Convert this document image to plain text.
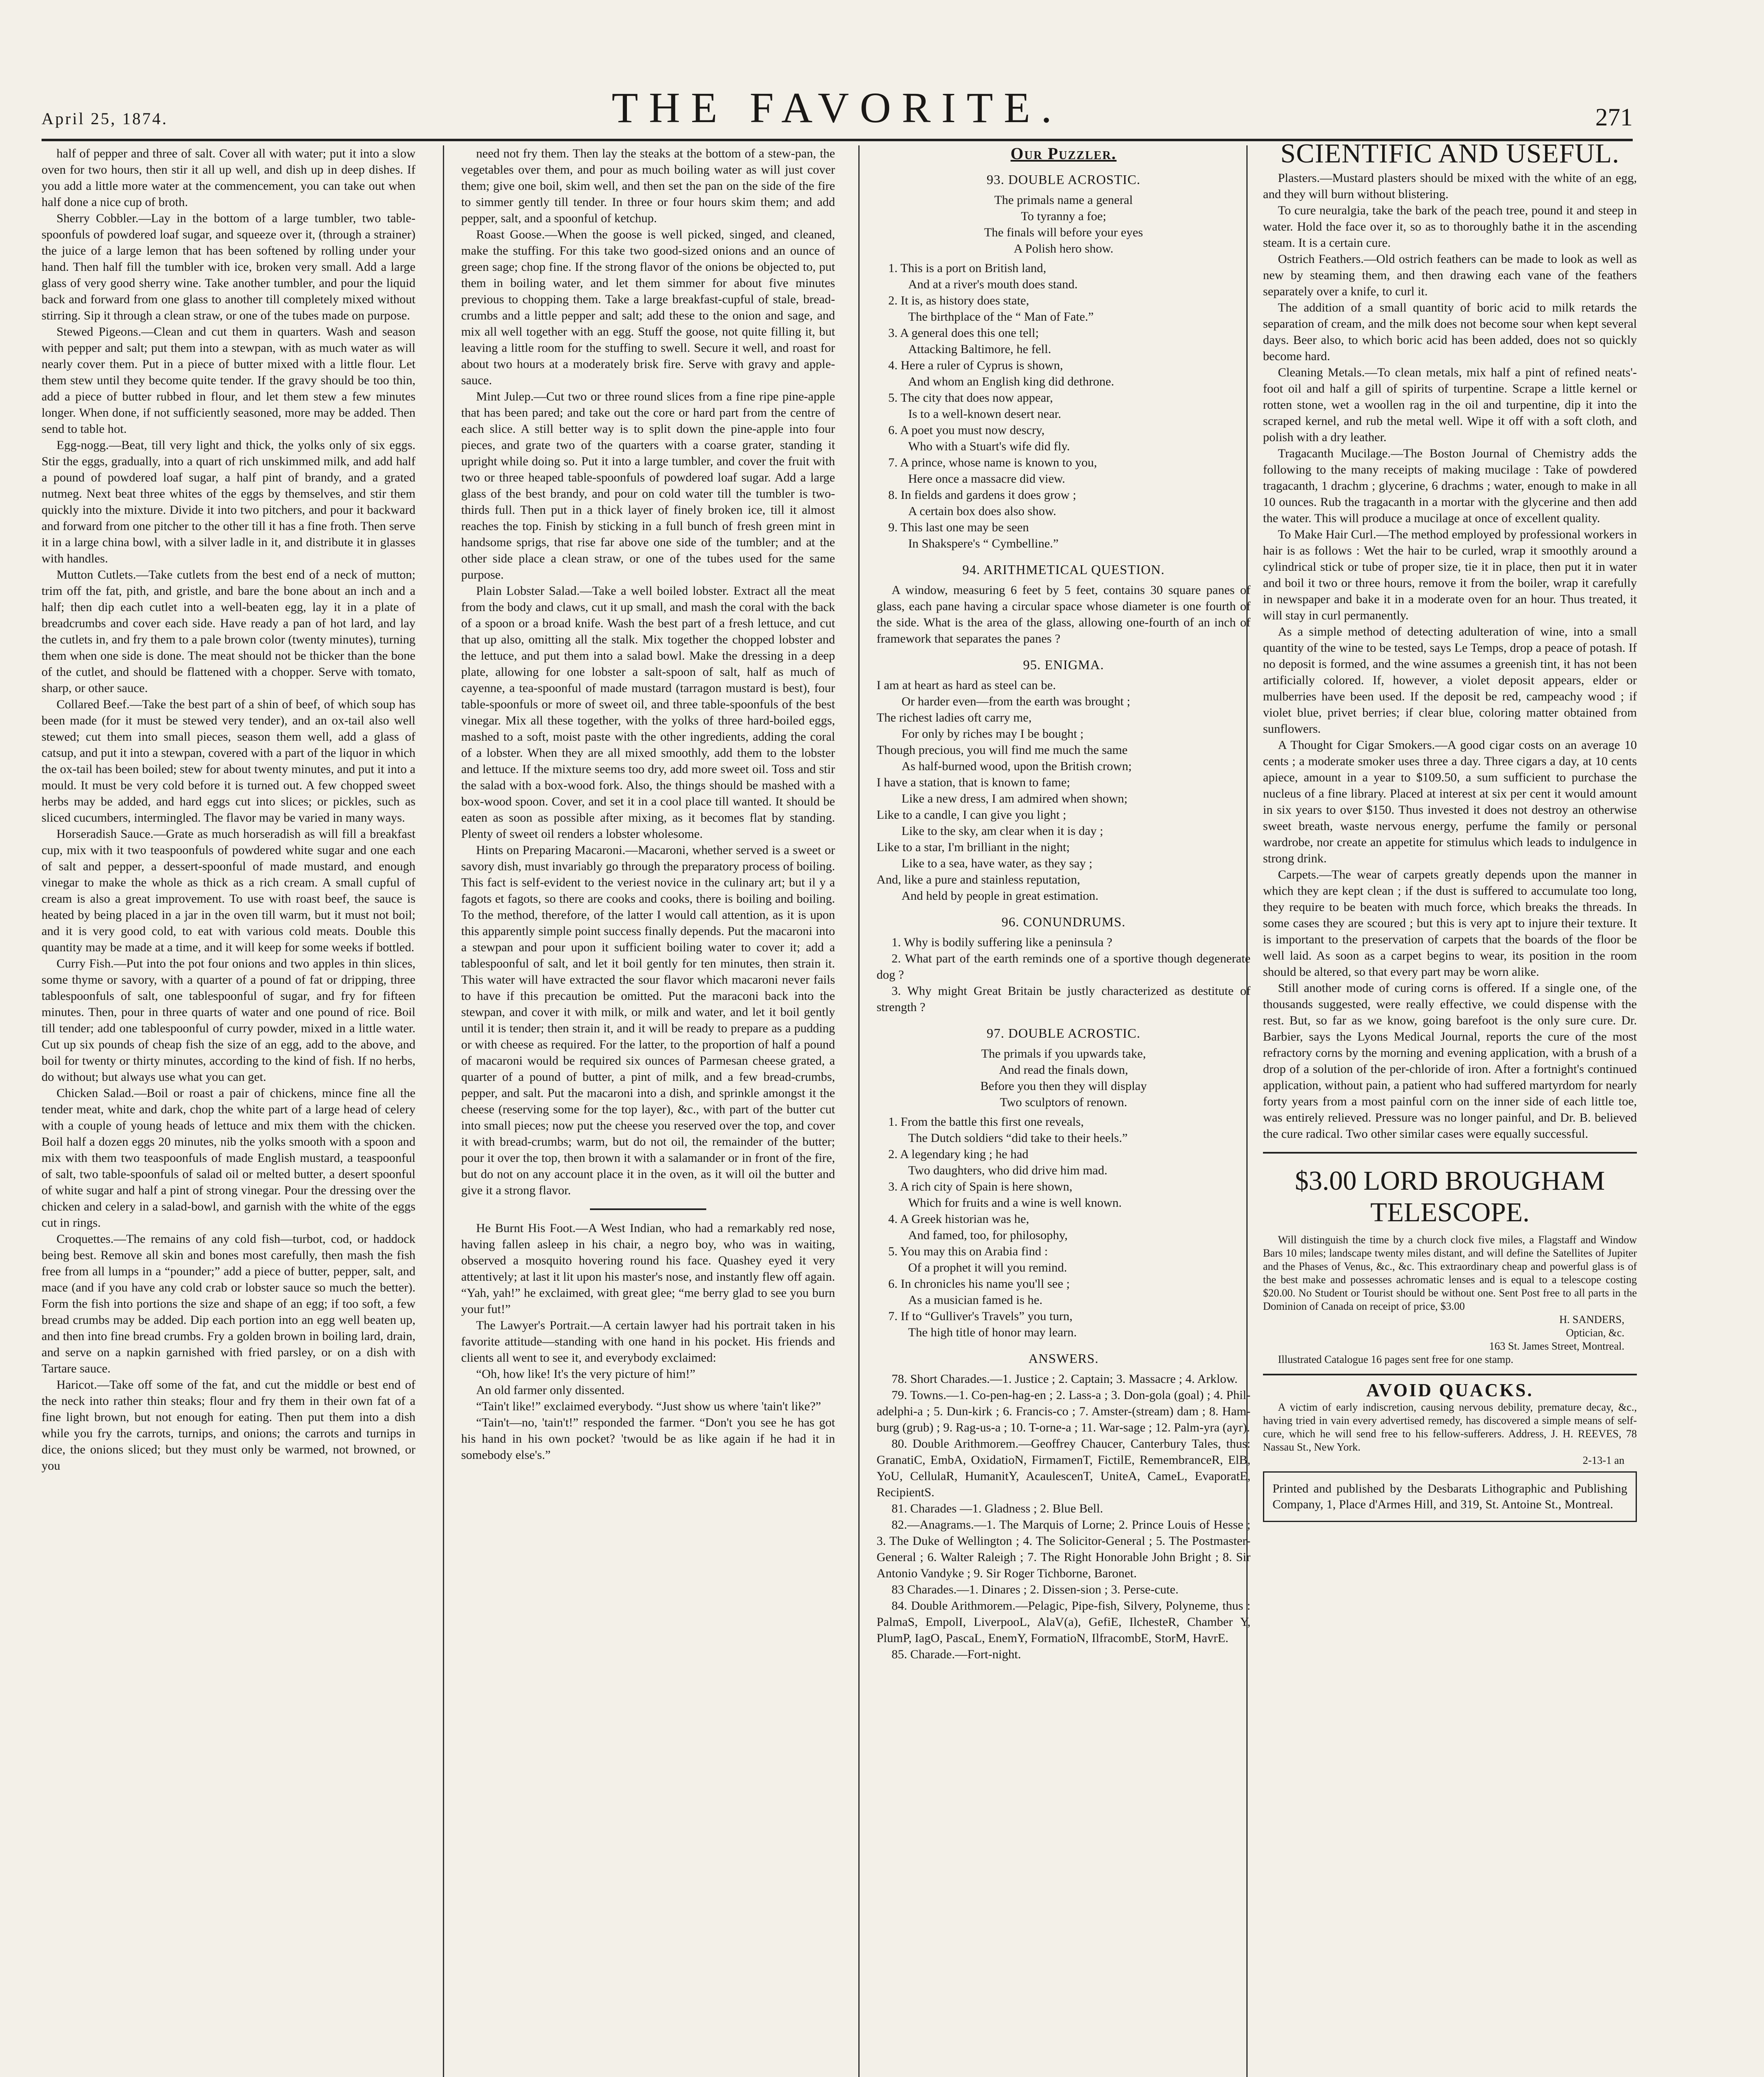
April 25, 1874.	THE FAVORITE.	271

half of pepper and three of salt. Cover all with water; put it into a slow oven for two hours, then stir it all up well, and dish up in deep dishes. If you add a little more water at the commencement, you can take out when half done a nice cup of broth.

Sherry Cobbler.—Lay in the bottom of a large tumbler, two table-spoonfuls of powdered loaf sugar, and squeeze over it, (through a strainer) the juice of a large lemon that has been softened by rolling under your hand. Then half fill the tumbler with ice, broken very small. Add a large glass of very good sherry wine. Take another tumbler, and pour the liquid back and forward from one glass to another till completely mixed without stirring. Sip it through a clean straw, or one of the tubes made on purpose.

Stewed Pigeons.—Clean and cut them in quarters. Wash and season with pepper and salt; put them into a stewpan, with as much water as will nearly cover them. Put in a piece of butter mixed with a little flour. Let them stew until they become quite tender. If the gravy should be too thin, add a piece of butter rubbed in flour, and let them stew a few minutes longer. When done, if not sufficiently seasoned, more may be added. Then send to table hot.

Egg-nogg.—Beat, till very light and thick, the yolks only of six eggs. Stir the eggs, gradually, into a quart of rich unskimmed milk, and add half a pound of powdered loaf sugar, a half pint of brandy, and a grated nutmeg. Next beat three whites of the eggs by themselves, and stir them quickly into the mixture. Divide it into two pitchers, and pour it backward and forward from one pitcher to the other till it has a fine froth. Then serve it in a large china bowl, with a silver ladle in it, and distribute it in glasses with handles.

Mutton Cutlets.—Take cutlets from the best end of a neck of mutton; trim off the fat, pith, and gristle, and bare the bone about an inch and a half; then dip each cutlet into a well-beaten egg, lay it in a plate of breadcrumbs and cover each side. Have ready a pan of hot lard, and lay the cutlets in, and fry them to a pale brown color (twenty minutes), turning them when one side is done. The meat should not be thicker than the bone of the cutlet, and should be flattened with a chopper. Serve with tomato, sharp, or other sauce.

Collared Beef.—Take the best part of a shin of beef, of which soup has been made (for it must be stewed very tender), and an ox-tail also well stewed; cut them into small pieces, season them well, add a glass of catsup, and put it into a stewpan, covered with a part of the liquor in which the ox-tail has been boiled; stew for about twenty minutes, and put it into a mould. It must be very cold before it is turned out. A few chopped sweet herbs may be added, and hard eggs cut into slices; or pickles, such as sliced cucumbers, intermingled. The flavor may be varied in many ways.

Horseradish Sauce.—Grate as much horseradish as will fill a breakfast cup, mix with it two teaspoonfuls of powdered white sugar and one each of salt and pepper, a dessert-spoonful of made mustard, and enough vinegar to make the whole as thick as a rich cream. A small cupful of cream is also a great improvement. To use with roast beef, the sauce is heated by being placed in a jar in the oven till warm, but it must not boil; and it is very good cold, to eat with various cold meats. Double this quantity may be made at a time, and it will keep for some weeks if bottled.

Curry Fish.—Put into the pot four onions and two apples in thin slices, some thyme or savory, with a quarter of a pound of fat or dripping, three tablespoonfuls of salt, one tablespoonful of sugar, and fry for fifteen minutes. Then, pour in three quarts of water and one pound of rice. Boil till tender; add one tablespoonful of curry powder, mixed in a little water. Cut up six pounds of cheap fish the size of an egg, add to the above, and boil for twenty or thirty minutes, according to the kind of fish. If no herbs, do without; but always use what you can get.

Chicken Salad.—Boil or roast a pair of chickens, mince fine all the tender meat, white and dark, chop the white part of a large head of celery with a couple of young heads of lettuce and mix them with the chicken. Boil half a dozen eggs 20 minutes, nib the yolks smooth with a spoon and mix with them two teaspoonfuls of made English mustard, a teaspoonful of salt, two table-spoonfuls of salad oil or melted butter, a desert spoonful of white sugar and half a pint of strong vinegar. Pour the dressing over the chicken and celery in a salad-bowl, and garnish with the white of the eggs cut in rings.

Croquettes.—The remains of any cold fish—turbot, cod, or haddock being best. Remove all skin and bones most carefully, then mash the fish free from all lumps in a “pounder;” add a piece of butter, pepper, salt, and mace (and if you have any cold crab or lobster sauce so much the better). Form the fish into portions the size and shape of an egg; if too soft, a few bread crumbs may be added. Dip each portion into an egg well beaten up, and then into fine bread crumbs. Fry a golden brown in boiling lard, drain, and serve on a napkin garnished with fried parsley, or on a dish with Tartare sauce.

Haricot.—Take off some of the fat, and cut the middle or best end of the neck into rather thin steaks; flour and fry them in their own fat of a fine light brown, but not enough for eating. Then put them into a dish while you fry the carrots, turnips, and onions; the carrots and turnips in dice, the onions sliced; but they must only be warmed, not browned, or you

need not fry them. Then lay the steaks at the bottom of a stew-pan, the vegetables over them, and pour as much boiling water as will just cover them; give one boil, skim well, and then set the pan on the side of the fire to simmer gently till tender. In three or four hours skim them; and add pepper, salt, and a spoonful of ketchup.

Roast Goose.—When the goose is well picked, singed, and cleaned, make the stuffing. For this take two good-sized onions and an ounce of green sage; chop fine. If the strong flavor of the onions be objected to, put them in boiling water, and let them simmer for about five minutes previous to chopping them. Take a large breakfast-cupful of stale, bread-crumbs and a little pepper and salt; add these to the onion and sage, and mix all well together with an egg. Stuff the goose, not quite filling it, but leaving a little room for the stuffing to swell. Secure it well, and roast for about two hours at a moderately brisk fire. Serve with gravy and apple-sauce.

Mint Julep.—Cut two or three round slices from a fine ripe pine-apple that has been pared; and take out the core or hard part from the centre of each slice. A still better way is to split down the pine-apple into four pieces, and grate two of the quarters with a coarse grater, standing it upright while doing so. Put it into a large tumbler, and cover the fruit with two or three heaped table-spoonfuls of powdered loaf sugar. Add a large glass of the best brandy, and pour on cold water till the tumbler is two-thirds full. Then put in a thick layer of finely broken ice, till it almost reaches the top. Finish by sticking in a full bunch of fresh green mint in handsome sprigs, that rise far above one side of the tumbler; and at the other side place a clean straw, or one of the tubes used for the same purpose.

Plain Lobster Salad.—Take a well boiled lobster. Extract all the meat from the body and claws, cut it up small, and mash the coral with the back of a spoon or a broad knife. Wash the best part of a fresh lettuce, and cut that up also, omitting all the stalk. Mix together the chopped lobster and the lettuce, and put them into a salad bowl. Make the dressing in a deep plate, allowing for one lobster a salt-spoon of salt, half as much of cayenne, a tea-spoonful of made mustard (tarragon mustard is best), four table-spoonfuls or more of sweet oil, and three table-spoonfuls of the best vinegar. Mix all these together, with the yolks of three hard-boiled eggs, mashed to a soft, moist paste with the other ingredients, adding the coral of a lobster. When they are all mixed smoothly, add them to the lobster and lettuce. If the mixture seems too dry, add more sweet oil. Toss and stir the salad with a box-wood fork. Also, the things should be mashed with a box-wood spoon. Cover, and set it in a cool place till wanted. It should be eaten as soon as possible after mixing, as it becomes flat by standing. Plenty of sweet oil renders a lobster wholesome.

Hints on Preparing Macaroni.—Macaroni, whether served is a sweet or savory dish, must invariably go through the preparatory process of boiling. This fact is self-evident to the veriest novice in the culinary art; but il y a fagots et fagots, so there are cooks and cooks, there is boiling and boiling. To the method, therefore, of the latter I would call attention, as it is upon this apparently simple point success finally depends. Put the macaroni into a stewpan and pour upon it sufficient boiling water to cover it; add a tablespoonful of salt, and let it boil gently for ten minutes, then strain it. This water will have extracted the sour flavor which macaroni never fails to have if this precaution be omitted. Put the maraconi back into the stewpan, and cover it with milk, or milk and water, and let it boil gently until it is tender; then strain it, and it will be ready to prepare as a pudding or with cheese as required. For the latter, to the proportion of half a pound of macaroni would be required six ounces of Parmesan cheese grated, a quarter of a pound of butter, a pint of milk, and a few bread-crumbs, pepper, and salt. Put the macaroni into a dish, and sprinkle amongst it the cheese (reserving some for the top layer), &c., with part of the butter cut into small pieces; now put the cheese you reserved over the top, and cover it with bread-crumbs; warm, but do not oil, the remainder of the butter; pour it over the top, then brown it with a salamander or in front of the fire, but do not on any account place it in the oven, as it will oil the butter and give it a strong flavor.

He Burnt His Foot.—A West Indian, who had a remarkably red nose, having fallen asleep in his chair, a negro boy, who was in waiting, observed a mosquito hovering round his face. Quashey eyed it very attentively; at last it lit upon his master's nose, and instantly flew off again. “Yah, yah!” he exclaimed, with great glee; “me berry glad to see you burn your fut!”

The Lawyer's Portrait.—A certain lawyer had his portrait taken in his favorite attitude—standing with one hand in his pocket. His friends and clients all went to see it, and everybody exclaimed:

“Oh, how like! It's the very picture of him!”

An old farmer only dissented.

“Tain't like!” exclaimed everybody. “Just show us where 'tain't like?”

“Tain't—no, 'tain't!” responded the farmer. “Don't you see he has got his hand in his own pocket? 'twould be as like again if he had it in somebody else's.”

Our Puzzler.
93. DOUBLE ACROSTIC.
The primals name a general
To tyranny a foe;
The finals will before your eyes
A Polish hero show.

1. This is a port on British land,

And at a river's mouth does stand.

2. It is, as history does state,

The birthplace of the “ Man of Fate.”

3. A general does this one tell;

Attacking Baltimore, he fell.

4. Here a ruler of Cyprus is shown,

And whom an English king did dethrone.

5. The city that does now appear,

Is to a well-known desert near.

6. A poet you must now descry,

Who with a Stuart's wife did fly.

7. A prince, whose name is known to you,

Here once a massacre did view.

8. In fields and gardens it does grow ;

A certain box does also show.

9. This last one may be seen

In Shakspere's “ Cymbelline.”

94. ARITHMETICAL QUESTION.

A window, measuring 6 feet by 5 feet, contains 30 square panes of glass, each pane having a circular space whose diameter is one fourth of the side. What is the area of the glass, allowing one-fourth of an inch of framework that separates the panes ?

95. ENIGMA.

I am at heart as hard as steel can be.

Or harder even—from the earth was brought ;

The richest ladies oft carry me,

For only by riches may I be bought ;

Though precious, you will find me much the same

As half-burned wood, upon the British crown;

I have a station, that is known to fame;

Like a new dress, I am admired when shown;

Like to a candle, I can give you light ;

Like to the sky, am clear when it is day ;

Like to a star, I'm brilliant in the night;

Like to a sea, have water, as they say ;

And, like a pure and stainless reputation,

And held by people in great estimation.

96. CONUNDRUMS.

1. Why is bodily suffering like a peninsula ?

2. What part of the earth reminds one of a sportive though degenerate dog ?

3. Why might Great Britain be justly characterized as destitute of strength ?

97. DOUBLE ACROSTIC.
The primals if you upwards take,
And read the finals down,
Before you then they will display
Two sculptors of renown.

1. From the battle this first one reveals,

The Dutch soldiers “did take to their heels.”

2. A legendary king ; he had

Two daughters, who did drive him mad.

3. A rich city of Spain is here shown,

Which for fruits and a wine is well known.

4. A Greek historian was he,

And famed, too, for philosophy,

5. You may this on Arabia find :

Of a prophet it will you remind.

6. In chronicles his name you'll see ;

As a musician famed is he.

7. If to “Gulliver's Travels” you turn,

The high title of honor may learn.

ANSWERS.

78. Short Charades.—1. Justice ; 2. Captain; 3. Massacre ; 4. Arklow.

79. Towns.—1. Co-pen-hag-en ; 2. Lass-a ; 3. Don-gola (goal) ; 4. Phil-adelphi-a ; 5. Dun-kirk ; 6. Francis-co ; 7. Amster-(stream) dam ; 8. Ham-burg (grub) ; 9. Rag-us-a ; 10. T-orne-a ; 11. War-sage ; 12. Palm-yra (ayr).

80. Double Arithmorem.—Geoffrey Chaucer, Canterbury Tales, thus: GranatiC, EmbA, OxidatioN, FirmamenT, FictilE, RemembranceR, ElB, YoU, CellulaR, HumanitY, AcaulescenT, UniteA, CameL, EvaporatE, RecipientS.

81. Charades —1. Gladness ; 2. Blue Bell.

82.—Anagrams.—1. The Marquis of Lorne; 2. Prince Louis of Hesse ; 3. The Duke of Wellington ; 4. The Solicitor-General ; 5. The Postmaster-General ; 6. Walter Raleigh ; 7. The Right Honorable John Bright ; 8. Sir Antonio Vandyke ; 9. Sir Roger Tichborne, Baronet.

83 Charades.—1. Dinares ; 2. Dissen-sion ; 3. Perse-cute.

84. Double Arithmorem.—Pelagic, Pipe-fish, Silvery, Polyneme, thus : PalmaS, EmpolI, LiverpooL, AlaV(a), GefiE, IlchesteR, Chamber Y, PlumP, IagO, PascaL, EnemY, FormatioN, IlfracombE, StorM, HavrE.

85. Charade.—Fort-night.

SCIENTIFIC AND USEFUL.

Plasters.—Mustard plasters should be mixed with the white of an egg, and they will burn without blistering.

To cure neuralgia, take the bark of the peach tree, pound it and steep in water. Hold the face over it, so as to thoroughly bathe it in the ascending steam. It is a certain cure.

Ostrich Feathers.—Old ostrich feathers can be made to look as well as new by steaming them, and then drawing each vane of the feathers separately over a knife, to curl it.

The addition of a small quantity of boric acid to milk retards the separation of cream, and the milk does not become sour when kept several days. Beer also, to which boric acid has been added, does not so quickly become hard.

Cleaning Metals.—To clean metals, mix half a pint of refined neats'-foot oil and half a gill of spirits of turpentine. Scrape a little kernel or rotten stone, wet a woollen rag in the oil and turpentine, dip it into the scraped kernel, and rub the metal well. Wipe it off with a soft cloth, and polish with a dry leather.

Tragacanth Mucilage.—The Boston Journal of Chemistry adds the following to the many receipts of making mucilage : Take of powdered tragacanth, 1 drachm ; glycerine, 6 drachms ; water, enough to make in all 10 ounces. Rub the tragacanth in a mortar with the glycerine and then add the water. This will produce a mucilage at once of excellent quality.

To Make Hair Curl.—The method employed by professional workers in hair is as follows : Wet the hair to be curled, wrap it smoothly around a cylindrical stick or tube of proper size, tie it in place, then put it in water and boil it two or three hours, remove it from the boiler, wrap it carefully in newspaper and bake it in a moderate oven for an hour. Thus treated, it will stay in curl permanently.

As a simple method of detecting adulteration of wine, into a small quantity of the wine to be tested, says Le Temps, drop a peace of potash. If no deposit is formed, and the wine assumes a greenish tint, it has not been artificially colored. If, however, a violet deposit appears, elder or mulberries have been used. If the deposit be red, campeachy wood ; if violet blue, privet berries; if clear blue, coloring matter obtained from sunflowers.

A Thought for Cigar Smokers.—A good cigar costs on an average 10 cents ; a moderate smoker uses three a day. Three cigars a day, at 10 cents apiece, amount in a year to $109.50, a sum sufficient to purchase the nucleus of a fine library. Placed at interest at six per cent it would amount in six years to over $150. Thus invested it does not destroy an otherwise sweet breath, waste nervous energy, perfume the family or personal wardrobe, nor create an appetite for stimulus which leads to indulgence in strong drink.

Carpets.—The wear of carpets greatly depends upon the manner in which they are kept clean ; if the dust is suffered to accumulate too long, they require to be beaten with much force, which breaks the threads. In some cases they are scoured ; but this is very apt to injure their texture. It is important to the preservation of carpets that the boards of the floor be well laid. As soon as a carpet begins to wear, its position in the room should be altered, so that every part may be worn alike.

Still another mode of curing corns is offered. If a single one, of the thousands suggested, were really effective, we could dispense with the rest. But, so far as we know, going barefoot is the only sure cure. Dr. Barbier, says the Lyons Medical Journal, reports the cure of the most refractory corns by the morning and evening application, with a brush of a drop of a solution of the per-chloride of iron. After a fortnight's continued application, without pain, a patient who had suffered martyrdom for nearly forty years from a most painful corn on the inner side of each little toe, was entirely relieved. Pressure was no longer painful, and Dr. B. believed the cure radical. Two other similar cases were equally successful.

$3.00 LORD BROUGHAM TELESCOPE.

Will distinguish the time by a church clock five miles, a Flagstaff and Window Bars 10 miles; landscape twenty miles distant, and will define the Satellites of Jupiter and the Phases of Venus, &c., &c. This extraordinary cheap and powerful glass is of the best make and possesses achromatic lenses and is equal to a telescope costing $20.00. No Student or Tourist should be without one. Sent Post free to all parts in the Dominion of Canada on receipt of price, $3.00

H. SANDERS,
Optician, &c.
163 St. James Street, Montreal.

Illustrated Catalogue 16 pages sent free for one stamp.

AVOID QUACKS.

A victim of early indiscretion, causing nervous debility, premature decay, &c., having tried in vain every advertised remedy, has discovered a simple means of self-cure, which he will send free to his fellow-sufferers. Address, J. H. REEVES, 78 Nassau St., New York.

2-13-1 an
Printed and published by the Desbarats Lithographic and Publishing Company, 1, Place d'Armes Hill, and 319, St. Antoine St., Montreal.
